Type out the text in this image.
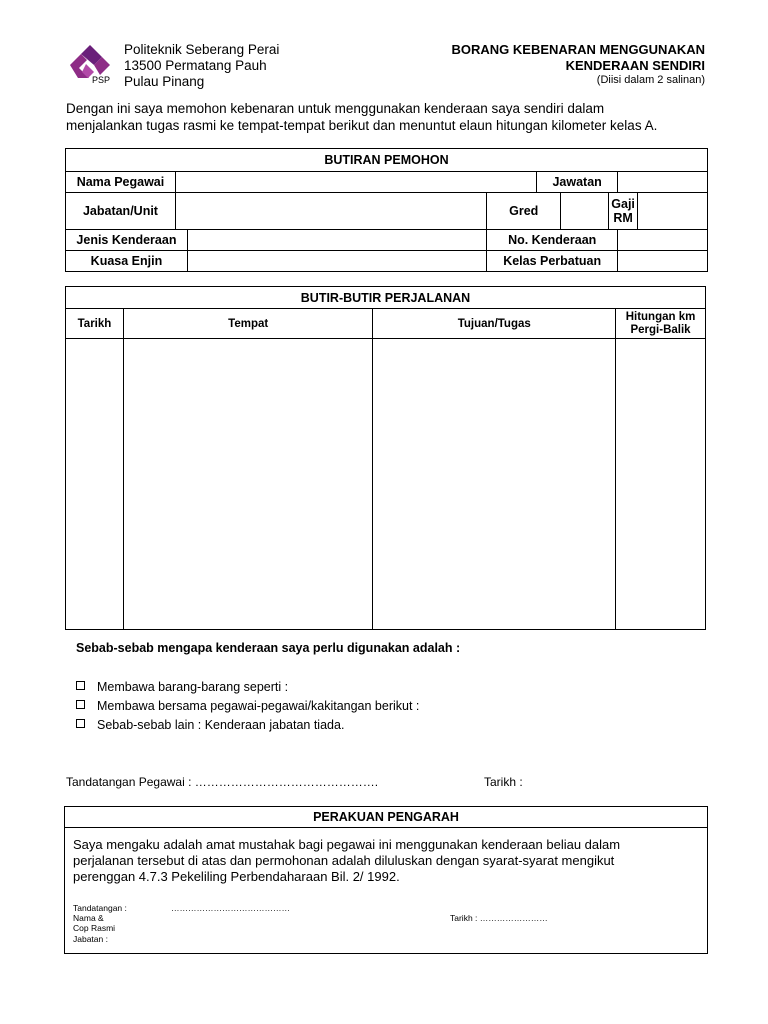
PSP
Politeknik Seberang Perai
13500 Permatang Pauh
Pulau Pinang
BORANG KEBENARAN MENGGUNAKAN
KENDERAAN SENDIRI
(Diisi dalam 2 salinan)
Dengan ini saya memohon kebenaran untuk menggunakan kenderaan saya sendiri dalam
menjalankan tugas rasmi ke tempat-tempat berikut dan menuntut elaun hitungan kilometer kelas A.
BUTIRAN PEMOHON								
Nama Pegawai				Jawatan				
Jabatan/Unit			Gred			Gaji RM		
Jenis Kenderaan			No. Kenderaan					
Kuasa Enjin			Kelas Perbatuan					
BUTIR-BUTIR PERJALANAN			
Tarikh	Tempat	Tujuan/Tugas	Hitungan km
Pergi-Balik

Sebab-sebab mengapa kenderaan saya perlu digunakan adalah :
Membawa barang-barang seperti :
Membawa bersama pegawai-pegawai/kakitangan berikut :
Sebab-sebab lain : Kenderaan jabatan tiada.
Tandatangan Pegawai : ……………………………………….	Tarikh :
PERAKUAN PENGARAH
Saya mengaku adalah amat mustahak bagi pegawai ini menggunakan kenderaan beliau dalam
perjalanan tersebut di atas dan permohonan adalah diluluskan dengan syarat-syarat mengikut
perenggan 4.7.3 Pekeliling Perbendaharaan Bil. 2/ 1992.
Tandatangan :	……………………………………
Nama &	Tarikh : ……………………
Cop Rasmi
Jabatan :
